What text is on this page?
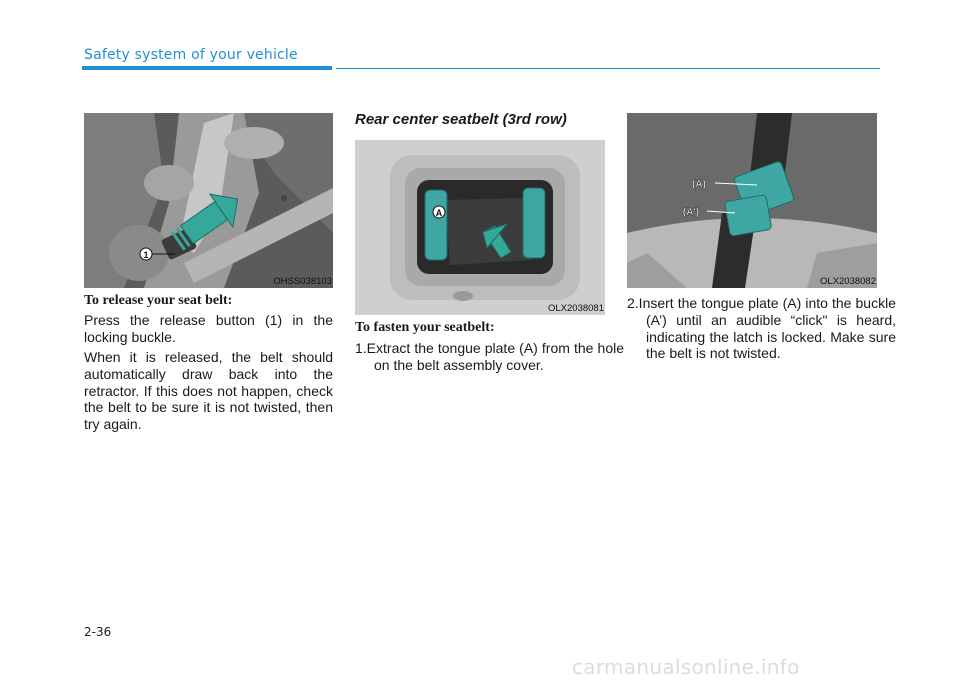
Safety system of your vehicle
1
OHSS038103
To release your seat belt:

Press the release button (1) in the locking buckle.

When it is released, the belt should automatically draw back into the retractor. If this does not happen, check the belt to be sure it is not twisted, then try again.

Rear center seatbelt (3rd row)
A
OLX2038081
To fasten your seatbelt:

1.Extract the tongue plate (A) from the hole on the belt assembly cover.

(A)
(A')
OLX2038082

2.Insert the tongue plate (A) into the buckle (A’) until an audible “click" is heard, indicating the latch is locked. Make sure the belt is not twisted.

2-36
carmanualsonline.info
